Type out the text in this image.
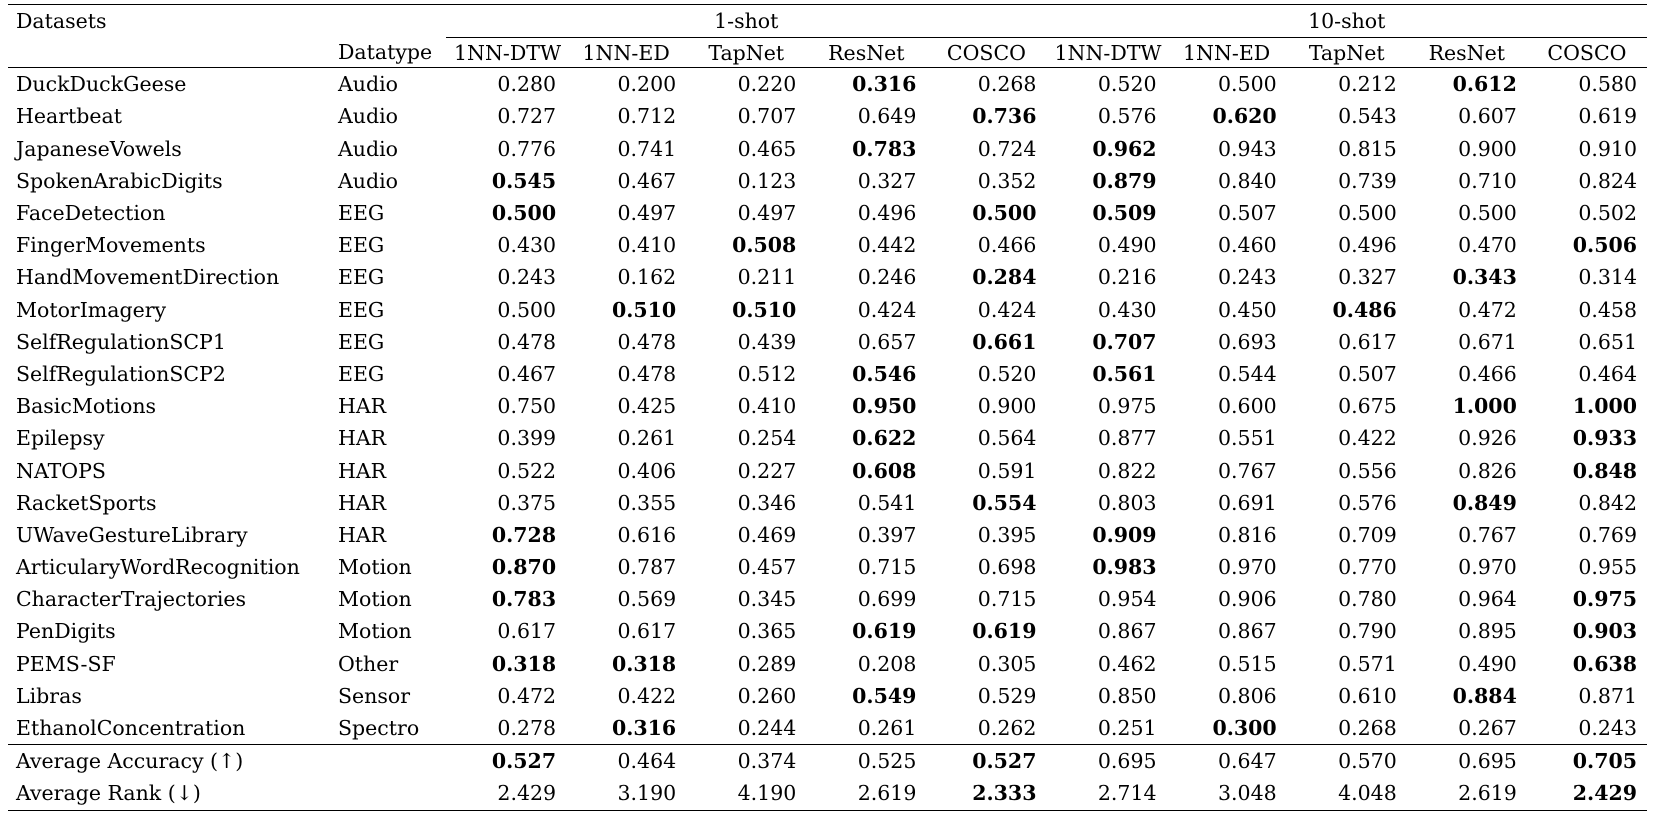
Datasets		1-shot					10-shot				
	Datatype	1NN-DTW	1NN-ED	TapNet	ResNet	COSCO	1NN-DTW	1NN-ED	TapNet	ResNet	COSCO
DuckDuckGeese	Audio	0.280	0.200	0.220	0.316	0.268	0.520	0.500	0.212	0.612	0.580
Heartbeat	Audio	0.727	0.712	0.707	0.649	0.736	0.576	0.620	0.543	0.607	0.619
JapaneseVowels	Audio	0.776	0.741	0.465	0.783	0.724	0.962	0.943	0.815	0.900	0.910
SpokenArabicDigits	Audio	0.545	0.467	0.123	0.327	0.352	0.879	0.840	0.739	0.710	0.824
FaceDetection	EEG	0.500	0.497	0.497	0.496	0.500	0.509	0.507	0.500	0.500	0.502
FingerMovements	EEG	0.430	0.410	0.508	0.442	0.466	0.490	0.460	0.496	0.470	0.506
HandMovementDirection	EEG	0.243	0.162	0.211	0.246	0.284	0.216	0.243	0.327	0.343	0.314
MotorImagery	EEG	0.500	0.510	0.510	0.424	0.424	0.430	0.450	0.486	0.472	0.458
SelfRegulationSCP1	EEG	0.478	0.478	0.439	0.657	0.661	0.707	0.693	0.617	0.671	0.651
SelfRegulationSCP2	EEG	0.467	0.478	0.512	0.546	0.520	0.561	0.544	0.507	0.466	0.464
BasicMotions	HAR	0.750	0.425	0.410	0.950	0.900	0.975	0.600	0.675	1.000	1.000
Epilepsy	HAR	0.399	0.261	0.254	0.622	0.564	0.877	0.551	0.422	0.926	0.933
NATOPS	HAR	0.522	0.406	0.227	0.608	0.591	0.822	0.767	0.556	0.826	0.848
RacketSports	HAR	0.375	0.355	0.346	0.541	0.554	0.803	0.691	0.576	0.849	0.842
UWaveGestureLibrary	HAR	0.728	0.616	0.469	0.397	0.395	0.909	0.816	0.709	0.767	0.769
ArticularyWordRecognition	Motion	0.870	0.787	0.457	0.715	0.698	0.983	0.970	0.770	0.970	0.955
CharacterTrajectories	Motion	0.783	0.569	0.345	0.699	0.715	0.954	0.906	0.780	0.964	0.975
PenDigits	Motion	0.617	0.617	0.365	0.619	0.619	0.867	0.867	0.790	0.895	0.903
PEMS-SF	Other	0.318	0.318	0.289	0.208	0.305	0.462	0.515	0.571	0.490	0.638
Libras	Sensor	0.472	0.422	0.260	0.549	0.529	0.850	0.806	0.610	0.884	0.871
EthanolConcentration	Spectro	0.278	0.316	0.244	0.261	0.262	0.251	0.300	0.268	0.267	0.243
Average Accuracy (↑)		0.527	0.464	0.374	0.525	0.527	0.695	0.647	0.570	0.695	0.705
Average Rank (↓)		2.429	3.190	4.190	2.619	2.333	2.714	3.048	4.048	2.619	2.429
